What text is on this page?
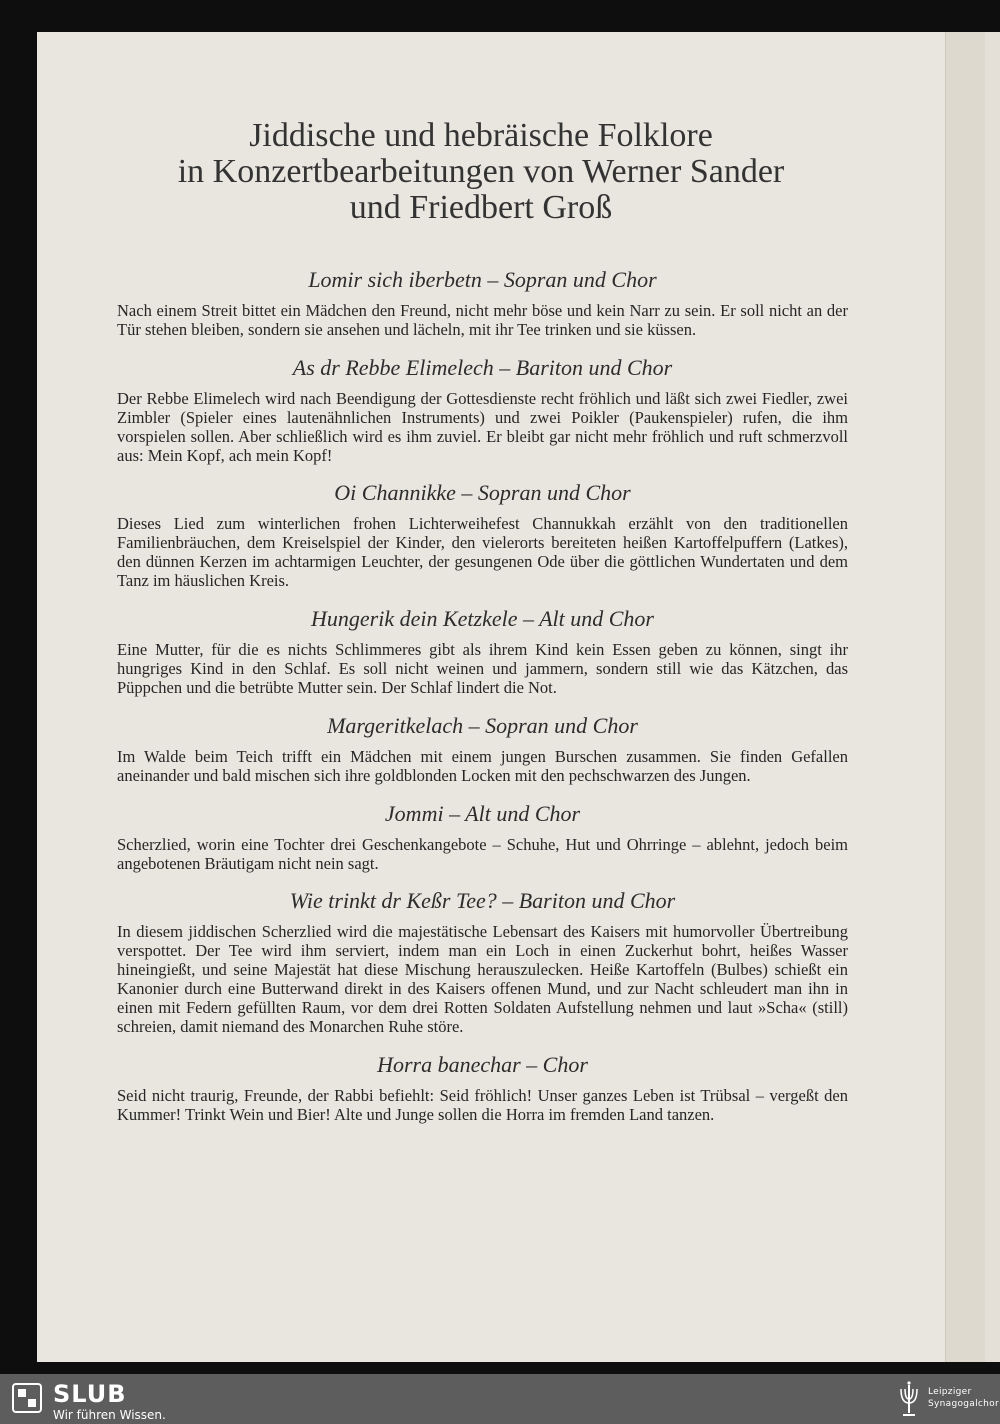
Jiddische und hebräische Folklore
in Konzertbearbeitungen von Werner Sander
und Friedbert Groß
Lomir sich iberbetn – Sopran und Chor

Nach einem Streit bittet ein Mädchen den Freund, nicht mehr böse und kein Narr zu sein. Er soll nicht an der Tür stehen bleiben, sondern sie ansehen und lächeln, mit ihr Tee trinken und sie küssen.

As dr Rebbe Elimelech – Bariton und Chor

Der Rebbe Elimelech wird nach Beendigung der Gottesdienste recht fröhlich und läßt sich zwei Fiedler, zwei Zimbler (Spieler eines lautenähnlichen Instruments) und zwei Poikler (Paukenspieler) rufen, die ihm vorspielen sollen. Aber schließlich wird es ihm zuviel. Er bleibt gar nicht mehr fröhlich und ruft schmerzvoll aus: Mein Kopf, ach mein Kopf!

Oi Channikke – Sopran und Chor

Dieses Lied zum winterlichen frohen Lichterweihefest Channukkah erzählt von den traditionellen Familienbräuchen, dem Kreiselspiel der Kinder, den vielerorts bereiteten heißen Kartoffelpuffern (Latkes), den dünnen Kerzen im achtarmigen Leuchter, der gesungenen Ode über die göttlichen Wundertaten und dem Tanz im häuslichen Kreis.

Hungerik dein Ketzkele – Alt und Chor

Eine Mutter, für die es nichts Schlimmeres gibt als ihrem Kind kein Essen geben zu können, singt ihr hungriges Kind in den Schlaf. Es soll nicht weinen und jammern, sondern still wie das Kätzchen, das Püppchen und die betrübte Mutter sein. Der Schlaf lindert die Not.

Margeritkelach – Sopran und Chor

Im Walde beim Teich trifft ein Mädchen mit einem jungen Burschen zusammen. Sie finden Gefallen aneinander und bald mischen sich ihre goldblonden Locken mit den pechschwarzen des Jungen.

Jommi – Alt und Chor

Scherzlied, worin eine Tochter drei Geschenkangebote – Schuhe, Hut und Ohrringe – ablehnt, jedoch beim angebotenen Bräutigam nicht nein sagt.

Wie trinkt dr Keßr Tee? – Bariton und Chor

In diesem jiddischen Scherzlied wird die majestätische Lebensart des Kaisers mit humorvoller Übertreibung verspottet. Der Tee wird ihm serviert, indem man ein Loch in einen Zuckerhut bohrt, heißes Wasser hineingießt, und seine Majestät hat diese Mischung herauszulecken. Heiße Kartoffeln (Bulbes) schießt ein Kanonier durch eine Butterwand direkt in des Kaisers offenen Mund, und zur Nacht schleudert man ihn in einen mit Federn gefüllten Raum, vor dem drei Rotten Soldaten Aufstellung nehmen und laut »Scha« (still) schreien, damit niemand des Monarchen Ruhe störe.

Horra banechar – Chor

Seid nicht traurig, Freunde, der Rabbi befiehlt: Seid fröhlich! Unser ganzes Leben ist Trübsal – vergeßt den Kummer! Trinkt Wein und Bier! Alte und Junge sollen die Horra im fremden Land tanzen.

SLUB
Wir führen Wissen.
Leipziger
Synagogalchor
